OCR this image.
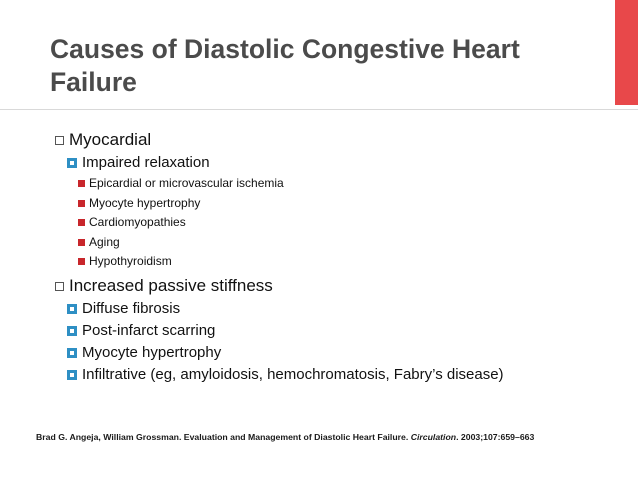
Causes of Diastolic Congestive Heart Failure
Myocardial
Impaired relaxation
Epicardial or microvascular ischemia
Myocyte hypertrophy
Cardiomyopathies
Aging
Hypothyroidism
Increased passive stiffness
Diffuse fibrosis
Post-infarct scarring
Myocyte hypertrophy
Infiltrative (eg, amyloidosis, hemochromatosis, Fabry’s disease)
Brad G. Angeja, William Grossman. Evaluation and Management of Diastolic Heart Failure. Circulation. 2003;107:659–663
